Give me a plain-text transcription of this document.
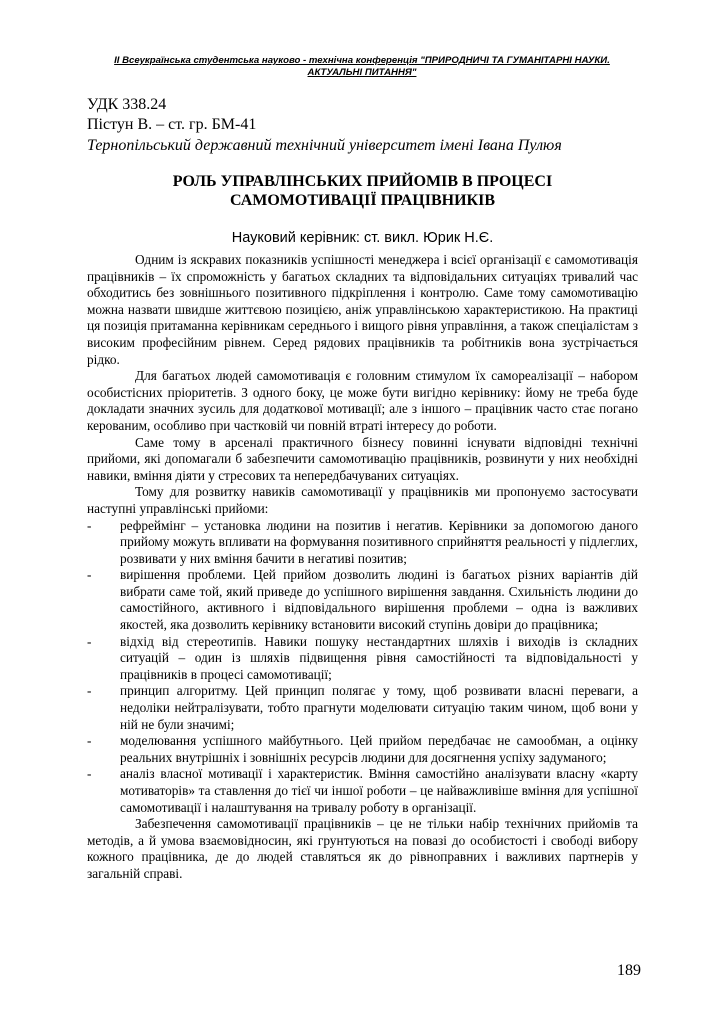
ІІ Всеукраїнська студентська науково - технічна конференція "ПРИРОДНИЧІ ТА ГУМАНІТАРНІ НАУКИ.
АКТУАЛЬНІ ПИТАННЯ"
УДК 338.24
Пістун В. – ст. гр. БМ-41
Тернопільський державний технічний університет імені Івана Пулюя
РОЛЬ УПРАВЛІНСЬКИХ ПРИЙОМІВ В ПРОЦЕСІ
САМОМОТИВАЦІЇ ПРАЦІВНИКІВ
Науковий керівник: ст. викл. Юрик Н.Є.

Одним із яскравих показників успішності менеджера і всієї організації є самомотивація працівників – їх спроможність у багатьох складних та відповідальних ситуаціях тривалий час обходитись без зовнішнього позитивного підкріплення і контролю. Саме тому самомотивацію можна назвати швидше життєвою позицією, аніж управлінською характеристикою. На практиці ця позиція притаманна керівникам середнього і вищого рівня управління, а також спеціалістам з високим професійним рівнем. Серед рядових працівників та робітників вона зустрічається рідко.

Для багатьох людей самомотивація є головним стимулом їх самореалізації – набором особистісних пріоритетів. З одного боку, це може бути вигідно керівнику: йому не треба буде докладати значних зусиль для додаткової мотивації; але з іншого – працівник часто стає погано керованим, особливо при частковій чи повній втраті інтересу до роботи.

Саме тому в арсеналі практичного бізнесу повинні існувати відповідні технічні прийоми, які допомагали б забезпечити самомотивацію працівників, розвинути у них необхідні навики, вміння діяти у стресових та непередбачуваних ситуаціях.

Тому для розвитку навиків самомотивації у працівників ми пропонуємо застосувати наступні управлінські прийоми:

- рефреймінг – установка людини на позитив і негатив. Керівники за допомогою даного прийому можуть впливати на формування позитивного сприйняття реальності у підлеглих, розвивати у них вміння бачити в негативі позитив;
- вирішення проблеми. Цей прийом дозволить людині із багатьох різних варіантів дій вибрати саме той, який приведе до успішного вирішення завдання. Схильність людини до самостійного, активного і відповідального вирішення проблеми – одна із важливих якостей, яка дозволить керівнику встановити високий ступінь довіри до працівника;
- відхід від стереотипів. Навики пошуку нестандартних шляхів і виходів із складних ситуацій – один із шляхів підвищення рівня самостійності та відповідальності у працівників в процесі самомотивації;
- принцип алгоритму. Цей принцип полягає у тому, щоб розвивати власні переваги, а недоліки нейтралізувати, тобто прагнути моделювати ситуацію таким чином, щоб вони у ній не були значимі;
- моделювання успішного майбутнього. Цей прийом передбачає не самообман, а оцінку реальних внутрішніх і зовнішніх ресурсів людини для досягнення успіху задуманого;
- аналіз власної мотивації і характеристик. Вміння самостійно аналізувати власну «карту мотиваторів» та ставлення до тієї чи іншої роботи – це найважливіше вміння для успішної самомотивації і налаштування на тривалу роботу в організації.

Забезпечення самомотивації працівників – це не тільки набір технічних прийомів та методів, а й умова взаємовідносин, які грунтуються на повазі до особистості і свободі вибору кожного працівника, де до людей ставляться як до рівноправних і важливих партнерів у загальній справі.

189
